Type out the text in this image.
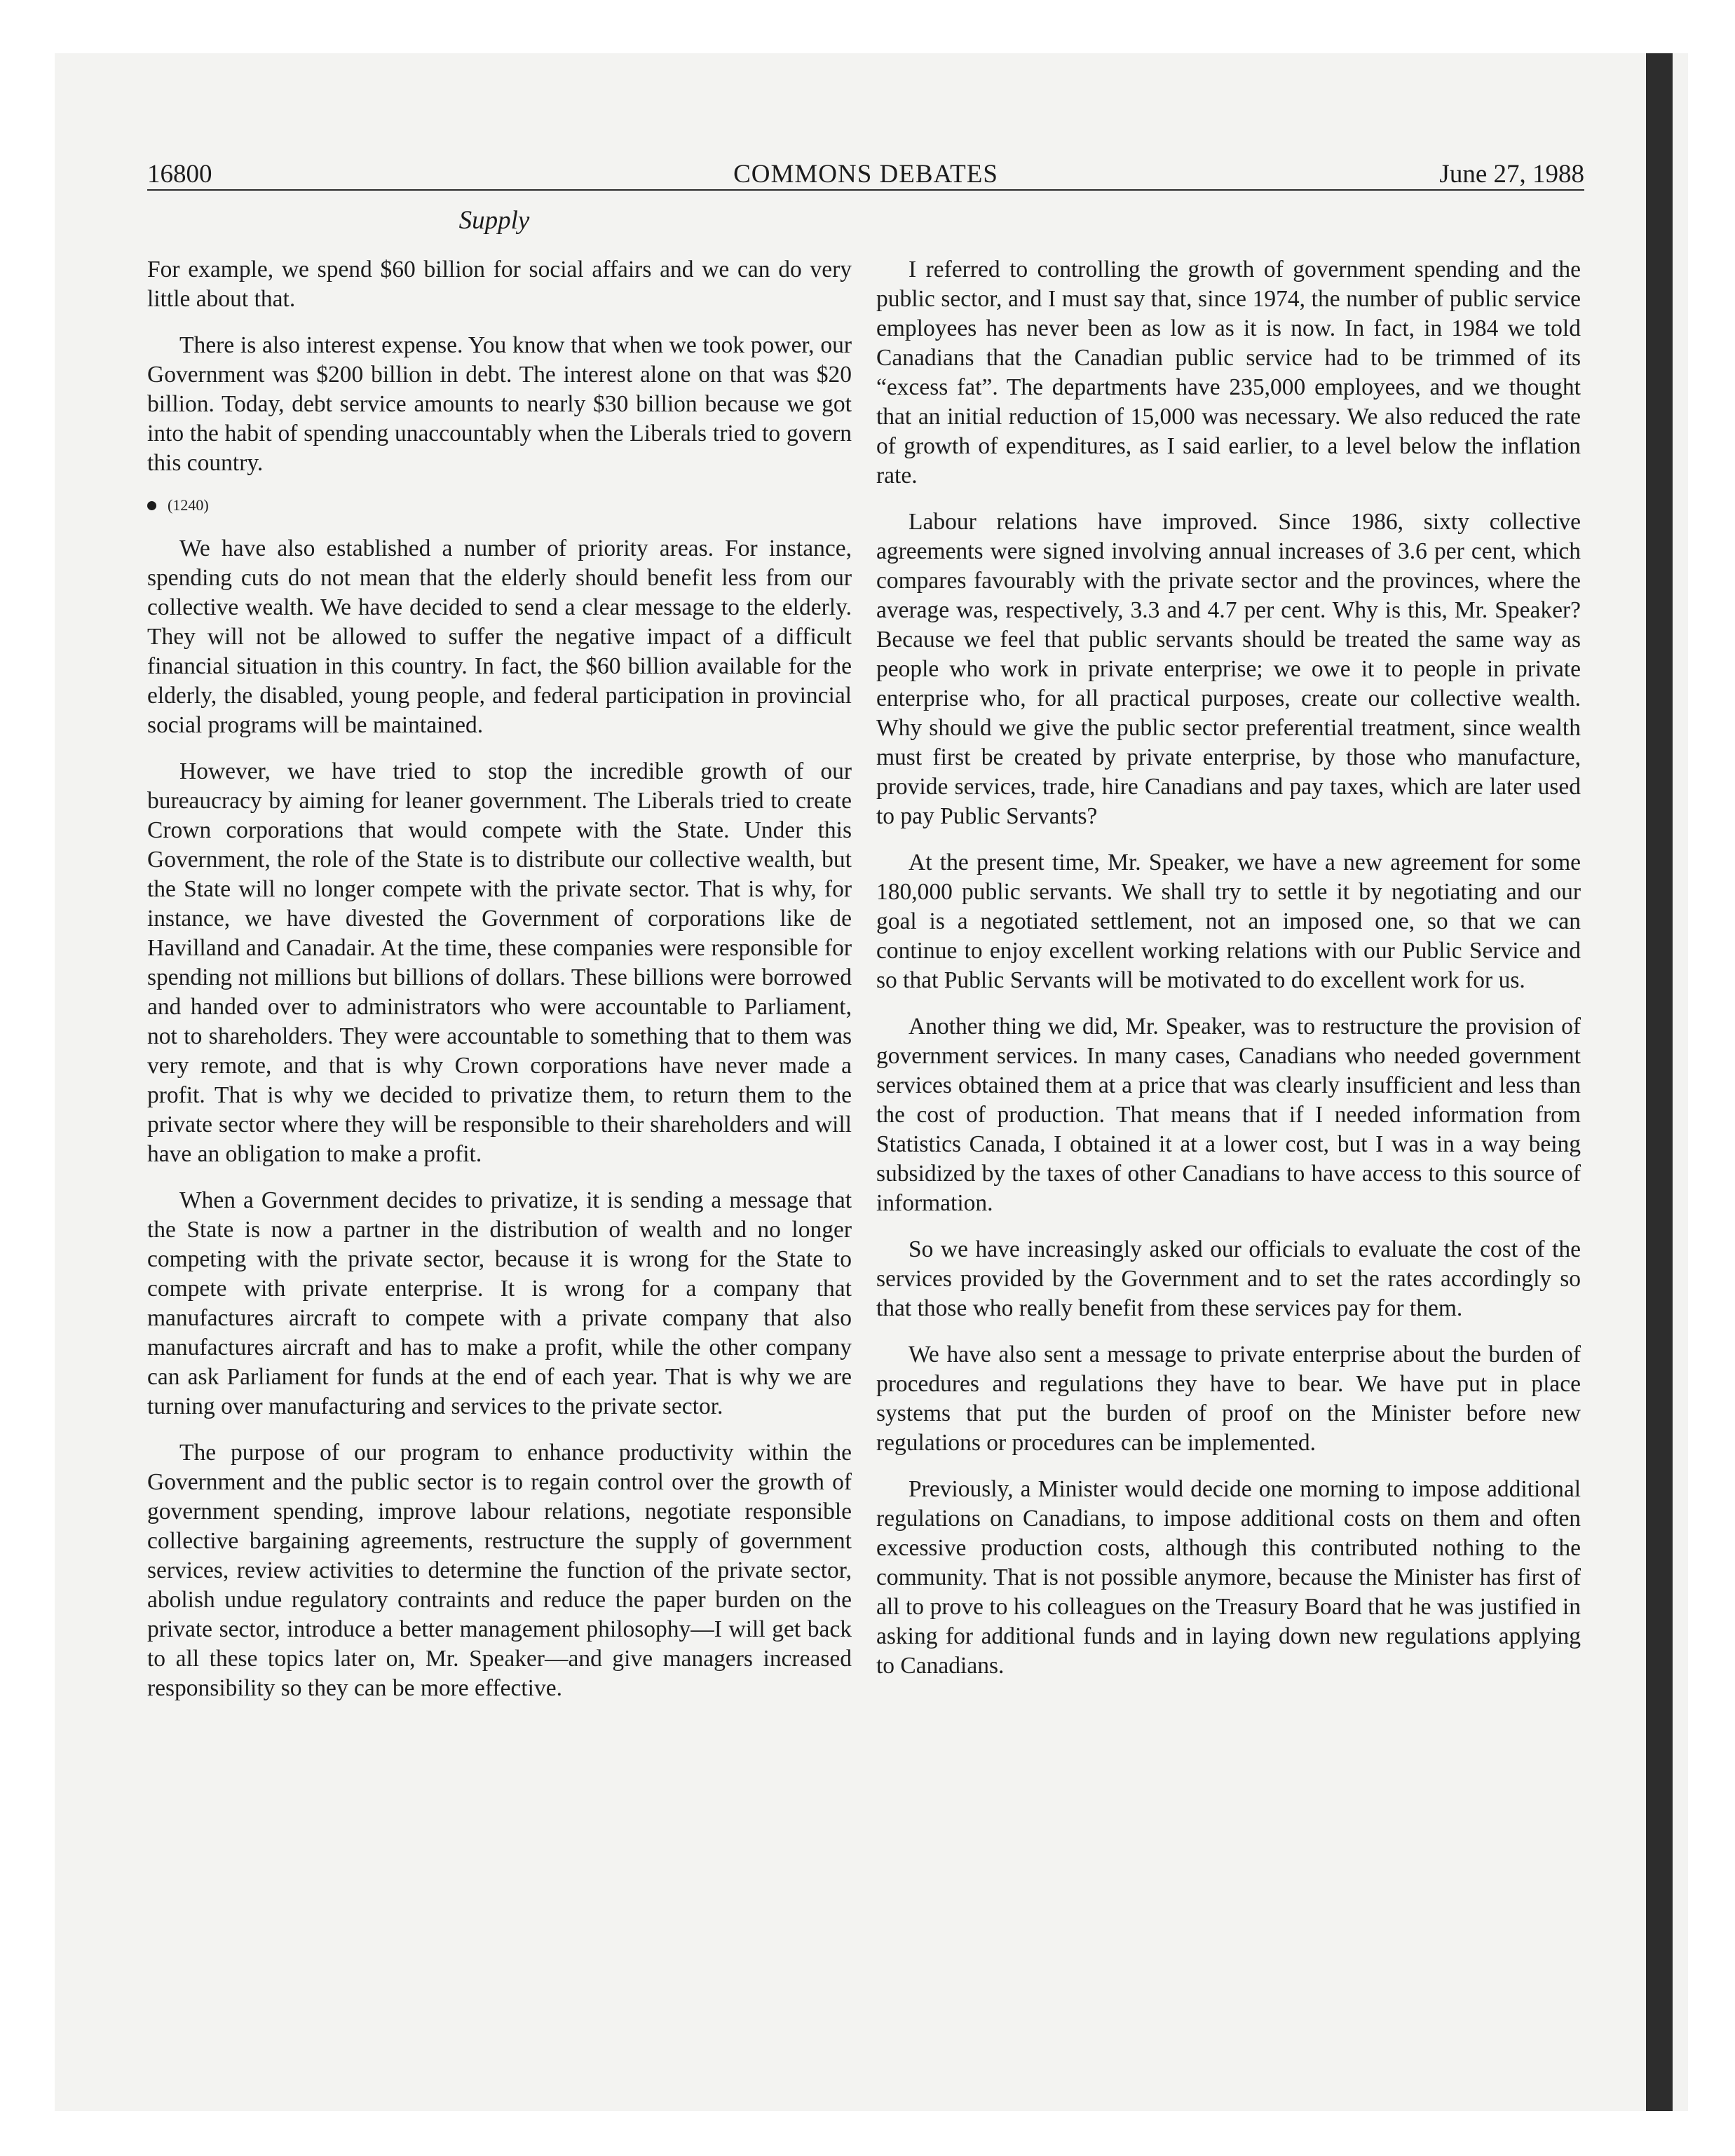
16800	COMMONS DEBATES	June 27, 1988
Supply

For example, we spend $60 billion for social affairs and we can do very little about that.

There is also interest expense. You know that when we took power, our Government was $200 billion in debt. The interest alone on that was $20 billion. Today, debt service amounts to nearly $30 billion because we got into the habit of spending unaccountably when the Liberals tried to govern this country.

(1240)

We have also established a number of priority areas. For instance, spending cuts do not mean that the elderly should benefit less from our collective wealth. We have decided to send a clear message to the elderly. They will not be allowed to suffer the negative impact of a difficult financial situation in this country. In fact, the $60 billion available for the elderly, the disabled, young people, and federal participation in provincial social programs will be maintained.

However, we have tried to stop the incredible growth of our bureaucracy by aiming for leaner government. The Liberals tried to create Crown corporations that would compete with the State. Under this Government, the role of the State is to distribute our collective wealth, but the State will no longer compete with the private sector. That is why, for instance, we have divested the Government of corporations like de Havilland and Canadair. At the time, these companies were responsible for spending not millions but billions of dollars. These billions were borrowed and handed over to administrators who were accountable to Parliament, not to shareholders. They were accountable to something that to them was very remote, and that is why Crown corporations have never made a profit. That is why we decided to privatize them, to return them to the private sector where they will be responsible to their shareholders and will have an obligation to make a profit.

When a Government decides to privatize, it is sending a message that the State is now a partner in the distribution of wealth and no longer competing with the private sector, because it is wrong for the State to compete with private enterprise. It is wrong for a company that manufactures aircraft to compete with a private company that also manufactures aircraft and has to make a profit, while the other company can ask Parliament for funds at the end of each year. That is why we are turning over manufacturing and services to the private sector.

The purpose of our program to enhance productivity within the Government and the public sector is to regain control over the growth of government spending, improve labour relations, negotiate responsible collective bargaining agreements, restructure the supply of government services, review activities to determine the function of the private sector, abolish undue regulatory contraints and reduce the paper burden on the private sector, introduce a better management philosophy—I will get back to all these topics later on, Mr. Speaker—and give managers increased responsibility so they can be more effective.

I referred to controlling the growth of government spending and the public sector, and I must say that, since 1974, the number of public service employees has never been as low as it is now. In fact, in 1984 we told Canadians that the Canadian public service had to be trimmed of its “excess fat”. The departments have 235,000 employees, and we thought that an initial reduction of 15,000 was necessary. We also reduced the rate of growth of expenditures, as I said earlier, to a level below the inflation rate.

Labour relations have improved. Since 1986, sixty collective agreements were signed involving annual increases of 3.6 per cent, which compares favourably with the private sector and the provinces, where the average was, respectively, 3.3 and 4.7 per cent. Why is this, Mr. Speaker? Because we feel that public servants should be treated the same way as people who work in private enterprise; we owe it to people in private enterprise who, for all practical purposes, create our collective wealth. Why should we give the public sector preferential treatment, since wealth must first be created by private enterprise, by those who manufacture, provide services, trade, hire Canadians and pay taxes, which are later used to pay Public Servants?

At the present time, Mr. Speaker, we have a new agreement for some 180,000 public servants. We shall try to settle it by negotiating and our goal is a negotiated settlement, not an imposed one, so that we can continue to enjoy excellent working relations with our Public Service and so that Public Servants will be motivated to do excellent work for us.

Another thing we did, Mr. Speaker, was to restructure the provision of government services. In many cases, Canadians who needed government services obtained them at a price that was clearly insufficient and less than the cost of production. That means that if I needed information from Statistics Canada, I obtained it at a lower cost, but I was in a way being subsidized by the taxes of other Canadians to have access to this source of information.

So we have increasingly asked our officials to evaluate the cost of the services provided by the Government and to set the rates accordingly so that those who really benefit from these services pay for them.

We have also sent a message to private enterprise about the burden of procedures and regulations they have to bear. We have put in place systems that put the burden of proof on the Minister before new regulations or procedures can be implemented.

Previously, a Minister would decide one morning to impose additional regulations on Canadians, to impose additional costs on them and often excessive production costs, although this contributed nothing to the community. That is not possible anymore, because the Minister has first of all to prove to his colleagues on the Treasury Board that he was justified in asking for additional funds and in laying down new regulations applying to Canadians.
